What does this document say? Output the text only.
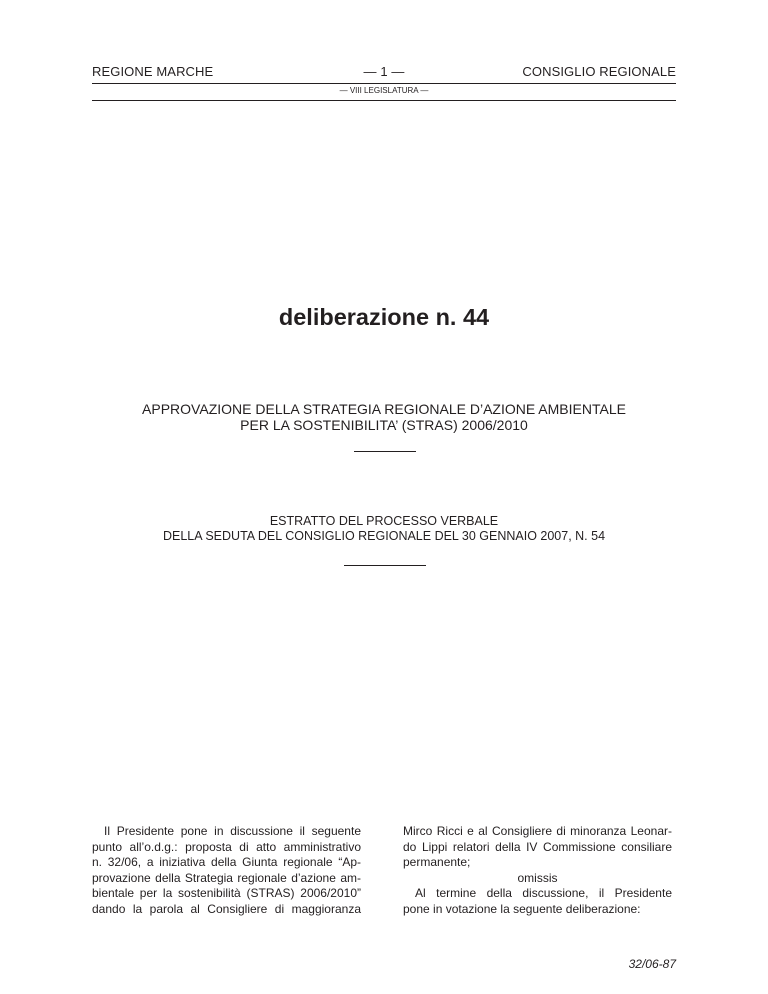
REGIONE MARCHE	— 1 —	CONSIGLIO REGIONALE
— VIII LEGISLATURA —
deliberazione n. 44
APPROVAZIONE DELLA STRATEGIA REGIONALE D’AZIONE AMBIENTALE
PER LA SOSTENIBILITA’ (STRAS) 2006/2010
ESTRATTO DEL PROCESSO VERBALE
DELLA SEDUTA DEL CONSIGLIO REGIONALE DEL 30 GENNAIO 2007, N. 54
Il Presidente pone in discussione il seguente
punto all’o.d.g.: proposta di atto amministrativo
n. 32/06, a iniziativa della Giunta regionale “Ap-
provazione della Strategia regionale d’azione am-
bientale per la sostenibilità (STRAS) 2006/2010”
dando la parola al Consigliere di maggioranza
Mirco Ricci e al Consigliere di minoranza Leonar-
do Lippi relatori della IV Commissione consiliare
permanente;
omissis
Al termine della discussione, il Presidente
pone in votazione la seguente deliberazione:
32/06-87
